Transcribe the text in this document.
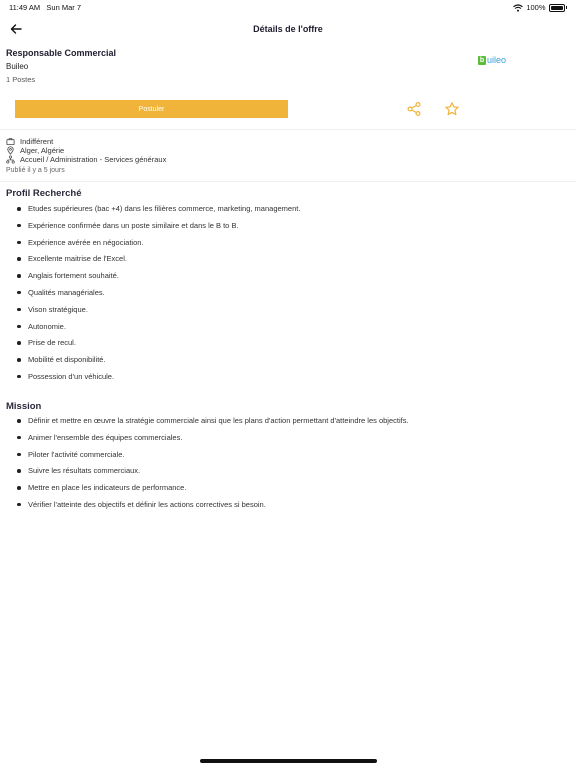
11:49 AM Sun Mar 7	100%
Détails de l'offre
Responsable Commercial
Buileo
1 Postes
b uileo
Postuler
Indifférent
Alger, Algérie
Accueil / Administration - Services généraux
Publié il y a 5 jours
Profil Recherché
Etudes supérieures (bac +4) dans les filières commerce, marketing, management.
Expérience confirmée dans un poste similaire et dans le B to B.
Expérience avérée en négociation.
Excellente maitrise de l'Excel.
Anglais fortement souhaité.
Qualités managériales.
Vison stratégique.
Autonomie.
Prise de recul.
Mobilité et disponibilité.
Possession d'un véhicule.
Mission
Définir et mettre en œuvre la stratégie commerciale ainsi que les plans d'action permettant d'atteindre les objectifs.
Animer l'ensemble des équipes commerciales.
Piloter l'activité commerciale.
Suivre les résultats commerciaux.
Mettre en place les indicateurs de performance.
Vérifier l'atteinte des objectifs et définir les actions correctives si besoin.
